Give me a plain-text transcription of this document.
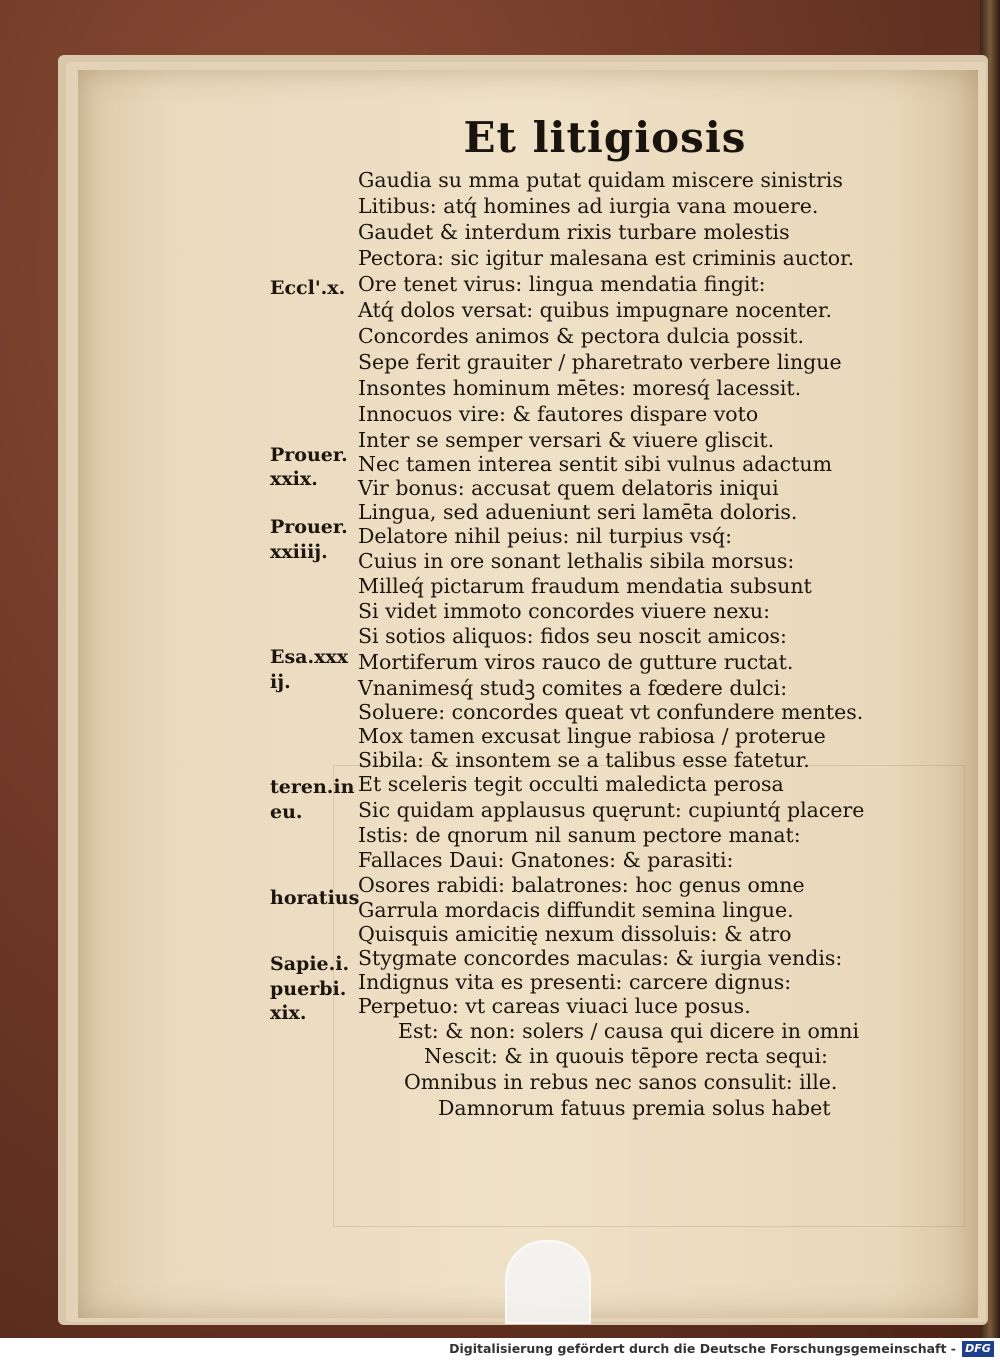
Et litigiosis
Gaudia su mma putat quidam miscere sinistris
Litibus: atq́ homines ad iurgia vana mouere.
Gaudet & interdum rixis turbare molestis
Pectora: sic igitur malesana est criminis auctor.
Ore tenet virus: lingua mendatia fingit:
Atq́ dolos versat: quibus impugnare nocenter.
Concordes animos & pectora dulcia possit.
Sepe ferit grauiter / pharetrato verbere lingue
Insontes hominum mētes: moresq́ lacessit.
Innocuos vire: & fautores dispare voto
Inter se semper versari & viuere gliscit.
Nec tamen interea sentit sibi vulnus adactum
Vir bonus: accusat quem delatoris iniqui
Lingua, sed adueniunt seri lamēta doloris.
Delatore nihil peius: nil turpius vsq́:
Cuius in ore sonant lethalis sibila morsus:
Milleq́ pictarum fraudum mendatia subsunt
Si videt immoto concordes viuere nexu:
Si sotios aliquos: fidos seu noscit amicos:
Mortiferum viros rauco de gutture ructat.
Vnanimesq́ studꝫ comites a fœdere dulci:
Soluere: concordes queat vt confundere mentes.
Mox tamen excusat lingue rabiosa / proterue
Sibila: & insontem se a talibus esse fatetur.
Et sceleris tegit occulti maledicta perosa
Sic quidam applausus quęrunt: cupiuntq́ placere
Istis: de qnorum nil sanum pectore manat:
Fallaces Daui: Gnatones: & parasiti:
Osores rabidi: balatrones: hoc genus omne
Garrula mordacis diffundit semina lingue.
Quisquis amicitię nexum dissoluis: & atro
Stygmate concordes maculas: & iurgia vendis:
Indignus vita es presenti: carcere dignus:
Perpetuo: vt careas viuaci luce posus.
Est: & non: solers / causa qui dicere in omni
Nescit: & in quouis tēpore recta sequi:
Omnibus in rebus nec sanos consulit: ille.
Damnorum fatuus premia solus habet
Eccl'.x.
Prouer.
xxix.
Prouer.
xxiiij.
Esa.xxx
ij.
teren.in
eu.
horatius
Sapie.i.
puerbi.
xix.
Digitalisierung gefördert durch die Deutsche Forschungsgemeinschaft - DFG
